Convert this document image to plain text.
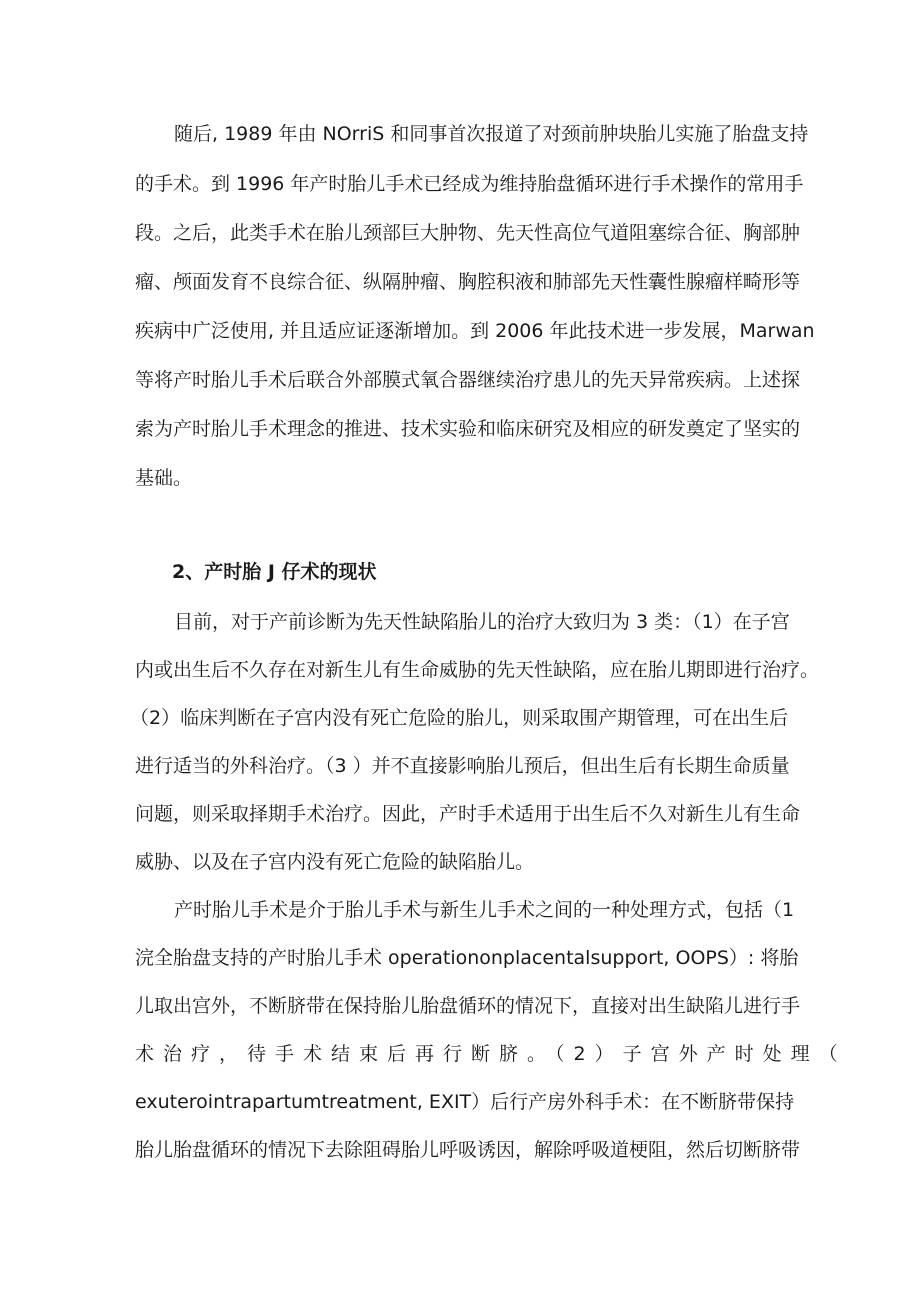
随后, 1989 年由 NOrriS 和同事首次报道了对颈前肿块胎儿实施了胎盘支持
的手术。到 1996 年产时胎儿手术已经成为维持胎盘循环进行手术操作的常用手
段。之后，此类手术在胎儿颈部巨大肿物、先天性高位气道阻塞综合征、胸部肿
瘤、颅面发育不良综合征、纵隔肿瘤、胸腔积液和肺部先天性囊性腺瘤样畸形等
疾病中广泛使用, 并且适应证逐渐增加。到 2006 年此技术进一步发展，Marwan
等将产时胎儿手术后联合外部膜式氧合器继续治疗患儿的先天异常疾病。上述探
索为产时胎儿手术理念的推进、技术实验和临床研究及相应的研发奠定了坚实的
基础。
2、产时胎 J 仔术的现状
目前，对于产前诊断为先天性缺陷胎儿的治疗大致归为 3 类：（1）在子宫
内或出生后不久存在对新生儿有生命威胁的先天性缺陷，应在胎儿期即进行治疗。
（2）临床判断在子宫内没有死亡危险的胎儿，则采取围产期管理，可在出生后
进行适当的外科治疗。（3 ）并不直接影响胎儿预后，但出生后有长期生命质量
问题，则采取择期手术治疗。因此，产时手术适用于出生后不久对新生儿有生命
威胁、以及在子宫内没有死亡危险的缺陷胎儿。
产时胎儿手术是介于胎儿手术与新生儿手术之间的一种处理方式，包括（1
浣全胎盘支持的产时胎儿手术 operationonplacentalsupport, OOPS）: 将胎
儿取出宫外，不断脐带在保持胎儿胎盘循环的情况下，直接对出生缺陷儿进行手
术治疗，待手术结束后再行断脐。（2）子宫外产时处理（
exuterointrapartumtreatment, EXIT）后行产房外科手术：在不断脐带保持
胎儿胎盘循环的情况下去除阻碍胎儿呼吸诱因，解除呼吸道梗阻，然后切断脐带
